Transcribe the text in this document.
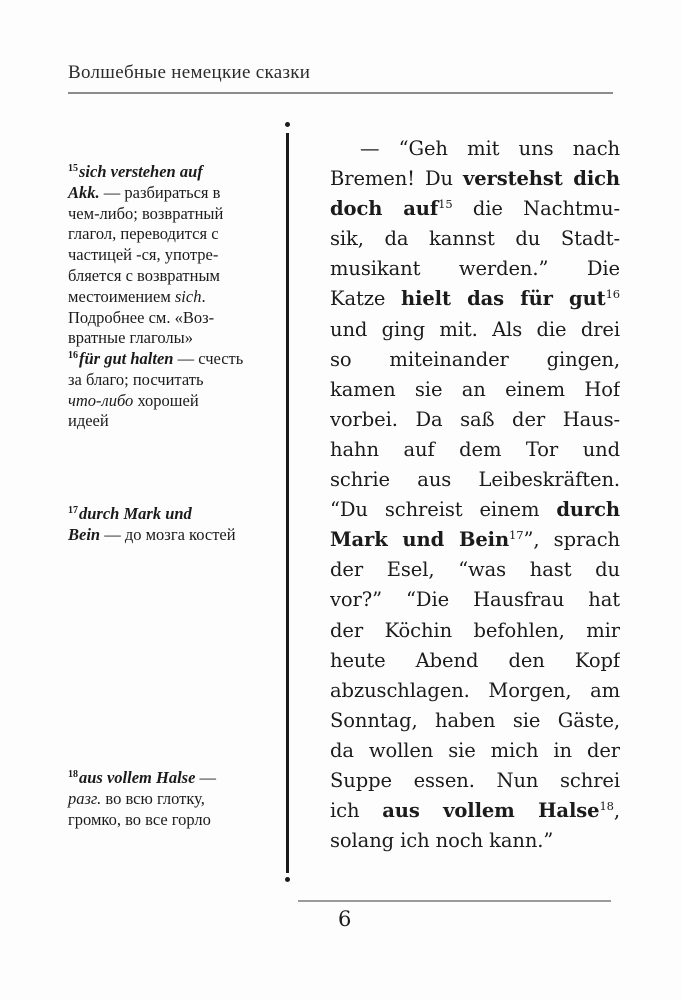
Волшебные немецкие сказки
$^{15}$sich verstehen auf
Akk. — разбираться в
чем-либо; возвратный
глагол, переводится с
частицей -ся, употре-
бляется с возвратным
местоимением sich.
Подробнее см. «Воз-
вратные глаголы»
$^{16}$für gut halten — счесть
за благо; посчитать
что-либо хорошей
идеей
$^{17}$durch Mark und
Bein — до мозга костей
$^{18}$aus vollem Halse —
разг. во всю глотку,
громко, во все горло
— “Geh mit uns nach
Bremen! Du verstehst dich
doch auf$^{15}$ die Nachtmu-
sik, da kannst du Stadt-
musikant werden.” Die
Katze hielt das für gut$^{16}$
und ging mit. Als die drei
so miteinander gingen,
kamen sie an einem Hof
vorbei. Da saß der Haus-
hahn auf dem Tor und
schrie aus Leibeskräften.
“Du schreist einem durch
Mark und Bein$^{17}$”, sprach
der Esel, “was hast du
vor?” “Die Hausfrau hat
der Köchin befohlen, mir
heute Abend den Kopf
abzuschlagen. Morgen, am
Sonntag, haben sie Gäste,
da wollen sie mich in der
Suppe essen. Nun schrei
ich aus vollem Halse$^{18}$,
solang ich noch kann.”
6
